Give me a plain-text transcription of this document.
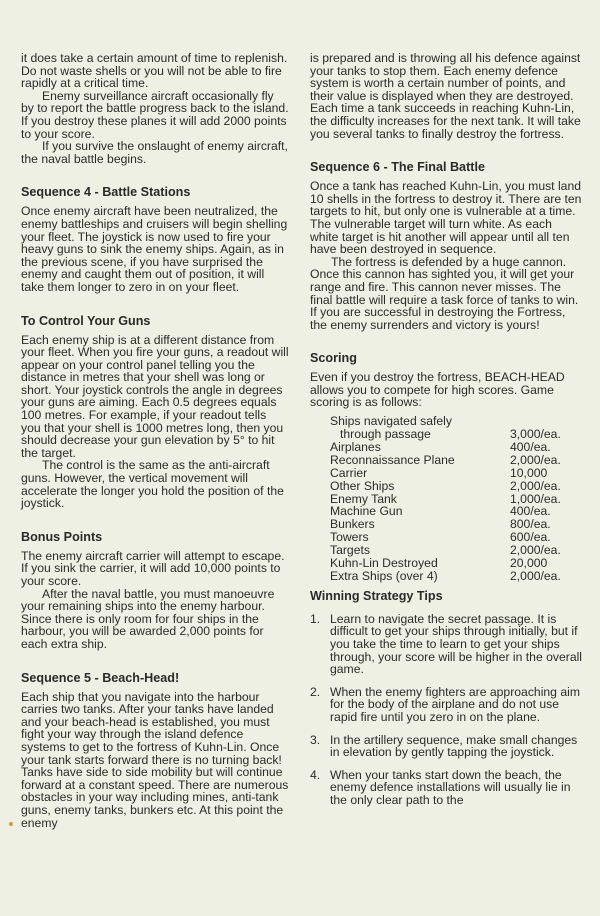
it does take a certain amount of time to replenish. Do not waste shells or you will not be able to fire rapidly at a critical time.

Enemy surveillance aircraft occasionally fly by to report the battle progress back to the island. If you destroy these planes it will add 2000 points to your score.

If you survive the onslaught of enemy aircraft, the naval battle begins.

Sequence 4 - Battle Stations

Once enemy aircraft have been neutralized, the enemy battleships and cruisers will begin shelling your fleet. The joystick is now used to fire your heavy guns to sink the enemy ships. Again, as in the previous scene, if you have surprised the enemy and caught them out of position, it will take them longer to zero in on your fleet.

To Control Your Guns

Each enemy ship is at a different distance from your fleet. When you fire your guns, a readout will appear on your control panel telling you the distance in metres that your shell was long or short. Your joystick controls the angle in degrees your guns are aiming. Each 0.5 degrees equals 100 metres. For example, if your readout tells you that your shell is 1000 metres long, then you should decrease your gun elevation by 5° to hit the target.

The control is the same as the anti-aircraft guns. However, the vertical movement will accelerate the longer you hold the position of the joystick.

Bonus Points

The enemy aircraft carrier will attempt to escape. If you sink the carrier, it will add 10,000 points to your score.

After the naval battle, you must manoeuvre your remaining ships into the enemy harbour. Since there is only room for four ships in the harbour, you will be awarded 2,000 points for each extra ship.

Sequence 5 - Beach-Head!

Each ship that you navigate into the harbour carries two tanks. After your tanks have landed and your beach-head is established, you must fight your way through the island defence systems to get to the fortress of Kuhn-Lin. Once your tank starts forward there is no turning back! Tanks have side to side mobility but will continue forward at a constant speed. There are numerous obstacles in your way including mines, anti-tank guns, enemy tanks, bunkers etc. At this point the enemy

is prepared and is throwing all his defence against your tanks to stop them. Each enemy defence system is worth a certain number of points, and their value is displayed when they are destroyed. Each time a tank succeeds in reaching Kuhn-Lin, the difficulty increases for the next tank. It will take you several tanks to finally destroy the fortress.

Sequence 6 - The Final Battle

Once a tank has reached Kuhn-Lin, you must land 10 shells in the fortress to destroy it. There are ten targets to hit, but only one is vulnerable at a time. The vulnerable target will turn white. As each white target is hit another will appear until all ten have been destroyed in sequence.

The fortress is defended by a huge cannon. Once this cannon has sighted you, it will get your range and fire. This cannon never misses. The final battle will require a task force of tanks to win. If you are successful in destroying the Fortress, the enemy surrenders and victory is yours!

Scoring

Even if you destroy the fortress, BEACH-HEAD allows you to compete for high scores. Game scoring is as follows:

Ships navigated safely
through passage	3,000/ea.
Airplanes	400/ea.
Reconnaissance Plane	2,000/ea.
Carrier	10,000
Other Ships	2,000/ea.
Enemy Tank	1,000/ea.
Machine Gun	400/ea.
Bunkers	800/ea.
Towers	600/ea.
Targets	2,000/ea.
Kuhn-Lin Destroyed	20,000
Extra Ships (over 4)	2,000/ea.
Winning Strategy Tips
1. Learn to navigate the secret passage. It is difficult to get your ships through initially, but if you take the time to learn to get your ships through, your score will be higher in the overall game.
2. When the enemy fighters are approaching aim for the body of the airplane and do not use rapid fire until you zero in on the plane.
3. In the artillery sequence, make small changes in elevation by gently tapping the joystick.
4. When your tanks start down the beach, the enemy defence installations will usually lie in the only clear path to the
